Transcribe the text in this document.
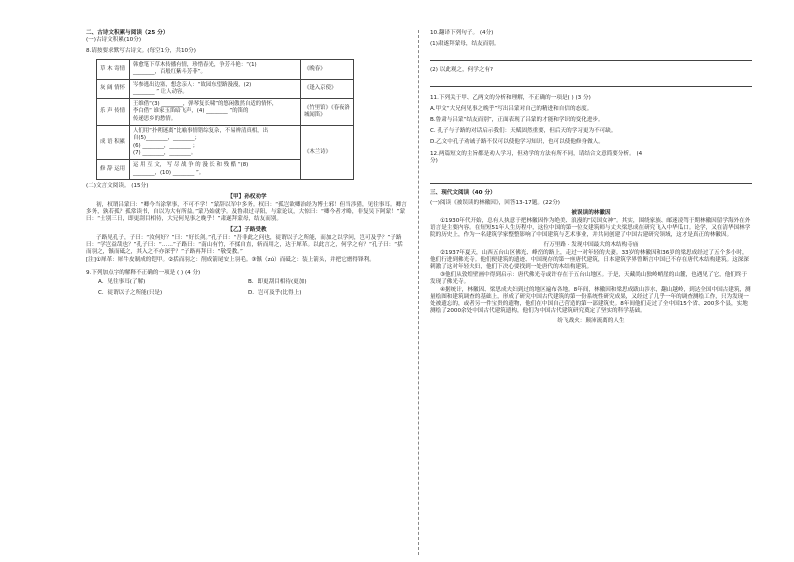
二、古诗文积累与阅读（25 分）

(一)古诗文积累(10分)

8.请按要求默写古诗文。(每空1分，共10分)

草 木 寄情	韩愈笔下草木传播有情，珍惜春光，争芳斗艳：“(1)
________，百般红紫斗芳菲”。	《晚春》
灰 阔 情怀	岑参逃出边塞，想念亲人：“故园东望路漫漫，(2)
________ ” 让人动容。	《逢入京使》
乐 声 传情	王维借“(3) ________，弹琴复长啸”的悠闲傲然自适的情怀，
李白借“ 谁家玉笛暗飞声，(4) ________ ”的笛的
传递思乡的愁情。	《竹里馆》《春夜洛城闻笛》
成 语 积累	人们用“扑朔迷离”比喻事情错综复杂，不易辨清真相，出
自(5)________，________；
(6) ________，________ ；
(7) ________，________。	《木兰诗》
修 辞 运用	运 用 互 文， 写 尽 战 争 的 漫 长 和 残 酷 “(8)
________，(10) ________ ”。	

(二)文言文阅读。 (15分)

【甲】孙权劝学

初，权谓吕蒙曰：“卿今当涂掌事，不可不学！”蒙辞以军中多务。权曰：“孤岂欲卿治经为博士邪！但当涉猎，见往事耳。卿言多务，孰若孤？孤常读书，自以为大有所益。”蒙乃始就学。及鲁肃过寻阳，与蒙论议，大惊曰：“卿今者才略，非复吴下阿蒙！”蒙曰：“士别三日，即更刮目相待，大兄何见事之晚乎！”肃遂拜蒙母，结友而别。

【乙】子路受教

子路见孔子，子曰：“汝何好？”曰：“好长剑。”孔子曰：“吾非此之问也，徒谓以子之所能，而加之以学问，岂可及乎？”子路曰：“学岂益哉也？”孔子曰：“……”子路曰：“南山有竹，不揉自直，斩而用之，达于犀革。以此言之，何学之有？”孔子曰：“括而羽之，镞而砥之，其入之不亦深乎？”子路再拜曰：“敬受教。”

[注]①犀革：犀牛皮制成的铠甲。②括而羽之：削成箭尾安上羽毛。③镞（zú）而砥之：装上箭头，并把它磨得锋利。

9.下列加点字的解释不正确的一项是 ( ) (4 分)

A．见往事耳(了解)	B．即更刮目相待(更加)
C．徒谓以子之所能(只是)	D．岂可及乎(比得上)

10.翻译下列句子。 (4分)

(1)肃遂拜蒙母，结友而别。

(2) 以此观之，何学之有?

11.下列关于甲、乙两文的分析和理解，不正确的一项是( ) (3 分)

A.甲文“大兄何见事之晚乎”写出吕蒙对自己的精进和自信的态度。

B.鲁肃与吕蒙“结友而别”，正面表现了吕蒙的才能和学识的变化进步。

C. 孔子与子路的对话启示我们：天赋固然重要，但后天的学习更为不可缺。

D.乙文中孔子劝诫子路不仅可以使他学习知识，也可以使他修身做人。

12.两篇短文的主旨都是劝人学习，但劝学的方法有所不同，请结合文意简要分析。 (4

分)

三、现代文阅读（40 分）

(一)阅读《被误读的林徽因》，回答13-17题。(22分)

被误读的林徽因

①1930年代开始，总有人执意于把林徽因作为绝美、浪漫的“民国女神”。其实，围绕家族、邮迷凌驾于期林徽因留学海外在外语言是主要内容。在短短51年人生历程中，这位中国的第一位女建筑师与丈夫梁思成在研究飞入中华瓜口。论学，又在清华国林学院的历史上，作为一名建筑学家整整影响了中国建筑与艺术事业，并共同创建了中国古建研究领域，这才是真正的林徽因。

行万里路 · 发现中国最大的木结构寺庙

②1937年夏天，山西五台山区佛光、峰峦的路上，走过一对年轻的夫妻。33岁的林徽因和36岁的梁思成经过了五个多小时，他们行进到佛光寺。他们便建筑的遗迹、中国现存的第一座唐代建筑，日本建筑学界曾断言中国已不存在唐代木结构建筑。这深深刺激了这对年轻夫妇，他们下决心要找到一处唐代的木结构建筑。

③他们从敦煌壁画中得到启示：唐代佛光寺或许存在于五台山地区。于是，天藏尚山独岭峭崖的山麓，也遇见了它，他们终于发现了佛光寺。

④据统计，林徽因、梁思成夫妇到过的地区遍布各地。8年间，林徽因和梁思成跋山涉水，翻山越岭，到达全国中国古建筑，测量绘图和建筑调查的基础上，形成了研究中国古代建筑的第一份系统性研究成果，又经过了几乎一年的调查测绘工作，只为发现一处被遗忘的，或者另一件宝贵的遗物，他们在中国自己营造的第一部建筑史。8年间他们走过了全中国15个省、200多个县，实地测绘了2000余处中国古代建筑遗构，他们为中国古代建筑研究奠定了坚实的科学基础。

纷飞战火：颠沛流离的人生
